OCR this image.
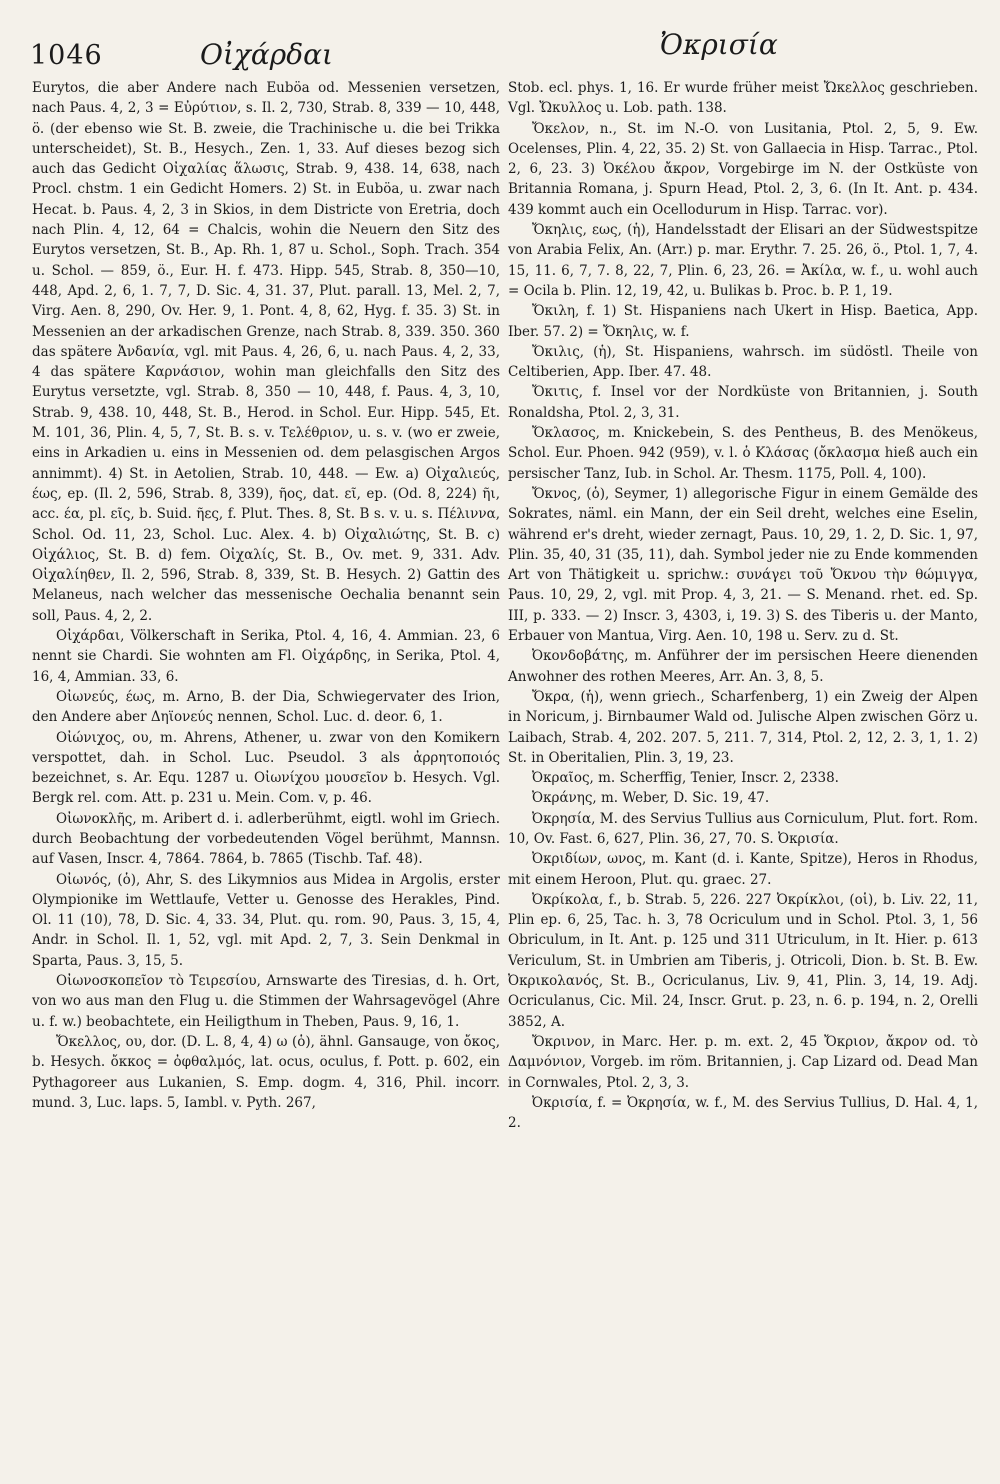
1046	Οἰχάρδαι	Ὀκρισία

Eurytos, die aber Andere nach Euböa od. Messenien versetzen, nach Paus. 4, 2, 3 = Εὐρύτιον, s. Il. 2, 730, Strab. 8, 339 — 10, 448, ö. (der ebenso wie St. B. zweie, die Trachinische u. die bei Trikka unterscheidet), St. B., Hesych., Zen. 1, 33. Auf dieses bezog sich auch das Gedicht Οἰχαλίας ἅλωσις, Strab. 9, 438. 14, 638, nach Procl. chstm. 1 ein Gedicht Homers. 2) St. in Euböa, u. zwar nach Hecat. b. Paus. 4, 2, 3 in Skios, in dem Districte von Eretria, doch nach Plin. 4, 12, 64 = Chalcis, wohin die Neuern den Sitz des Eurytos versetzen, St. B., Ap. Rh. 1, 87 u. Schol., Soph. Trach. 354 u. Schol. — 859, ö., Eur. H. f. 473. Hipp. 545, Strab. 8, 350—10, 448, Apd. 2, 6, 1. 7, 7, D. Sic. 4, 31. 37, Plut. parall. 13, Mel. 2, 7, Virg. Aen. 8, 290, Ov. Her. 9, 1. Pont. 4, 8, 62, Hyg. f. 35. 3) St. in Messenien an der arkadischen Grenze, nach Strab. 8, 339. 350. 360 das spätere Ἀνδανία, vgl. mit Paus. 4, 26, 6, u. nach Paus. 4, 2, 33, 4 das spätere Καρνάσιον, wohin man gleichfalls den Sitz des Eurytus versetzte, vgl. Strab. 8, 350 — 10, 448, f. Paus. 4, 3, 10, Strab. 9, 438. 10, 448, St. B., Herod. in Schol. Eur. Hipp. 545, Et. M. 101, 36, Plin. 4, 5, 7, St. B. s. v. Τελέθριον, u. s. v. (wo er zweie, eins in Arkadien u. eins in Messenien od. dem pelasgischen Argos annimmt). 4) St. in Aetolien, Strab. 10, 448. — Ew. a) Οἰχαλιεύς, έως, ep. (Il. 2, 596, Strab. 8, 339), ῆος, dat. εῖ, ep. (Od. 8, 224) ῆι, acc. έα, pl. εῖς, b. Suid. ῆες, f. Plut. Thes. 8, St. B s. v. u. s. Πέλιννα, Schol. Od. 11, 23, Schol. Luc. Alex. 4. b) Οἰχαλιώτης, St. B. c) Οἰχάλιος, St. B. d) fem. Οἰχαλίς, St. B., Ov. met. 9, 331. Adv. Οἰχαλίηθεν, Il. 2, 596, Strab. 8, 339, St. B. Hesych. 2) Gattin des Melaneus, nach welcher das messenische Oechalia benannt sein soll, Paus. 4, 2, 2.

Οἰχάρδαι, Völkerschaft in Serika, Ptol. 4, 16, 4. Ammian. 23, 6 nennt sie Chardi. Sie wohnten am Fl. Οἰχάρδης, in Serika, Ptol. 4, 16, 4, Ammian. 33, 6.

Οἰωνεύς, έως, m. Arno, B. der Dia, Schwiegervater des Irion, den Andere aber Δηϊονεύς nennen, Schol. Luc. d. deor. 6, 1.

Οἰώνιχος, ου, m. Ahrens, Athener, u. zwar von den Komikern verspottet, dah. in Schol. Luc. Pseudol. 3 als ἀρρητοποιός bezeichnet, s. Ar. Equ. 1287 u. Οἰωνίχου μουσεῖον b. Hesych. Vgl. Bergk rel. com. Att. p. 231 u. Mein. Com. v, p. 46.

Οἰωνοκλῆς, m. Aribert d. i. adlerberühmt, eigtl. wohl im Griech. durch Beobachtung der vorbedeutenden Vögel berühmt, Mannsn. auf Vasen, Inscr. 4, 7864. 7864, b. 7865 (Tischb. Taf. 48).

Οἰωνός, (ὁ), Ahr, S. des Likymnios aus Midea in Argolis, erster Olympionike im Wettlaufe, Vetter u. Genosse des Herakles, Pind. Ol. 11 (10), 78, D. Sic. 4, 33. 34, Plut. qu. rom. 90, Paus. 3, 15, 4, Andr. in Schol. Il. 1, 52, vgl. mit Apd. 2, 7, 3. Sein Denkmal in Sparta, Paus. 3, 15, 5.

Οἰωνοσκοπεῖον τὸ Τειρεσίου, Arnswarte des Tiresias, d. h. Ort, von wo aus man den Flug u. die Stimmen der Wahrsagevögel (Ahre u. f. w.) beobachtete, ein Heiligthum in Theben, Paus. 9, 16, 1.

Ὄκελλος, ου, dor. (D. L. 8, 4, 4) ω (ὁ), ähnl. Gansauge, von ὄκος, b. Hesych. ὄκκος = ὀφθαλμός, lat. ocus, oculus, f. Pott. p. 602, ein Pythagoreer aus Lukanien, S. Emp. dogm. 4, 316, Phil. incorr. mund. 3, Luc. laps. 5, Iambl. v. Pyth. 267,

Stob. ecl. phys. 1, 16. Er wurde früher meist Ὤκελλος geschrieben. Vgl. Ὤκυλλος u. Lob. path. 138.

Ὄκελον, n., St. im N.-O. von Lusitania, Ptol. 2, 5, 9. Ew. Ocelenses, Plin. 4, 22, 35. 2) St. von Gallaecia in Hisp. Tarrac., Ptol. 2, 6, 23. 3) Ὀκέλου ἄκρον, Vorgebirge im N. der Ostküste von Britannia Romana, j. Spurn Head, Ptol. 2, 3, 6. (In It. Ant. p. 434. 439 kommt auch ein Ocellodurum in Hisp. Tarrac. vor).

Ὄκηλις, εως, (ἡ), Handelsstadt der Elisari an der Südwestspitze von Arabia Felix, An. (Arr.) p. mar. Erythr. 7. 25. 26, ö., Ptol. 1, 7, 4. 15, 11. 6, 7, 7. 8, 22, 7, Plin. 6, 23, 26. = Ἀκίλα, w. f., u. wohl auch = Ocila b. Plin. 12, 19, 42, u. Bulikas b. Proc. b. P. 1, 19.

Ὄκιλη, f. 1) St. Hispaniens nach Ukert in Hisp. Baetica, App. Iber. 57. 2) = Ὄκηλις, w. f.

Ὄκιλις, (ἡ), St. Hispaniens, wahrsch. im südöstl. Theile von Celtiberien, App. Iber. 47. 48.

Ὄκιτις, f. Insel vor der Nordküste von Britannien, j. South Ronaldsha, Ptol. 2, 3, 31.

Ὄκλασος, m. Knickebein, S. des Pentheus, B. des Menökeus, Schol. Eur. Phoen. 942 (959), v. l. ὁ Κλάσας (ὄκλασμα hieß auch ein persischer Tanz, Iub. in Schol. Ar. Thesm. 1175, Poll. 4, 100).

Ὄκνος, (ὁ), Seymer, 1) allegorische Figur in einem Gemälde des Sokrates, näml. ein Mann, der ein Seil dreht, welches eine Eselin, während er's dreht, wieder zernagt, Paus. 10, 29, 1. 2, D. Sic. 1, 97, Plin. 35, 40, 31 (35, 11), dah. Symbol jeder nie zu Ende kommenden Art von Thätigkeit u. sprichw.: συνάγει τοῦ Ὄκνου τὴν θώμιγγα, Paus. 10, 29, 2, vgl. mit Prop. 4, 3, 21. — S. Menand. rhet. ed. Sp. III, p. 333. — 2) Inscr. 3, 4303, i, 19. 3) S. des Tiberis u. der Manto, Erbauer von Mantua, Virg. Aen. 10, 198 u. Serv. zu d. St.

Ὀκονδοβάτης, m. Anführer der im persischen Heere dienenden Anwohner des rothen Meeres, Arr. An. 3, 8, 5.

Ὄκρα, (ἡ), wenn griech., Scharfenberg, 1) ein Zweig der Alpen in Noricum, j. Birnbaumer Wald od. Julische Alpen zwischen Görz u. Laibach, Strab. 4, 202. 207. 5, 211. 7, 314, Ptol. 2, 12, 2. 3, 1, 1. 2) St. in Oberitalien, Plin. 3, 19, 23.

Ὀκραῖος, m. Scherffig, Tenier, Inscr. 2, 2338.

Ὀκράνης, m. Weber, D. Sic. 19, 47.

Ὀκρησία, M. des Servius Tullius aus Corniculum, Plut. fort. Rom. 10, Ov. Fast. 6, 627, Plin. 36, 27, 70. S. Ὀκρισία.

Ὀκριδίων, ωνος, m. Kant (d. i. Kante, Spitze), Heros in Rhodus, mit einem Heroon, Plut. qu. graec. 27.

Ὀκρίκολα, f., b. Strab. 5, 226. 227 Ὀκρίκλοι, (οἱ), b. Liv. 22, 11, Plin ep. 6, 25, Tac. h. 3, 78 Ocriculum und in Schol. Ptol. 3, 1, 56 Obriculum, in It. Ant. p. 125 und 311 Utriculum, in It. Hier. p. 613 Vericulum, St. in Umbrien am Tiberis, j. Otricoli, Dion. b. St. B. Ew. Ὀκρικολανός, St. B., Ocriculanus, Liv. 9, 41, Plin. 3, 14, 19. Adj. Ocriculanus, Cic. Mil. 24, Inscr. Grut. p. 23, n. 6. p. 194, n. 2, Orelli 3852, A.

Ὄκρινον, in Marc. Her. p. m. ext. 2, 45 Ὄκριον, ἄκρον od. τὸ Δαμνόνιον, Vorgeb. im röm. Britannien, j. Cap Lizard od. Dead Man in Cornwales, Ptol. 2, 3, 3.

Ὀκρισία, f. = Ὀκρησία, w. f., M. des Servius Tullius, D. Hal. 4, 1, 2.
